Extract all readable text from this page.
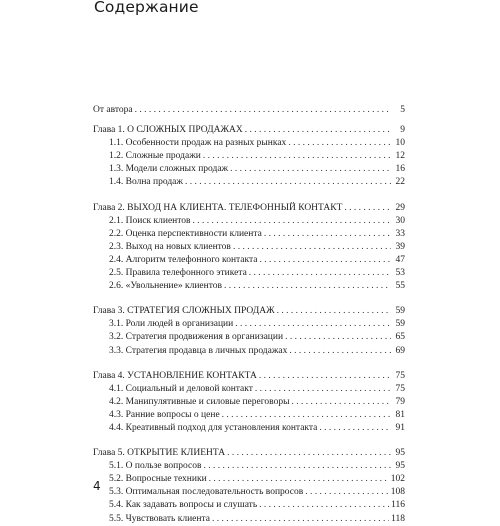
Содержание
От автора . . .	5
Глава 1. О СЛОЖНЫХ ПРОДАЖАХ . . .	9
1.1. Особенности продаж на разных рынках . . .	10
1.2. Сложные продажи . . .	12
1.3. Модели сложных продаж . . .	16
1.4. Волна продаж . . .	22
Глава 2. ВЫХОД НА КЛИЕНТА. ТЕЛЕФОННЫЙ КОНТАКТ . . .	29
2.1. Поиск клиентов . . .	30
2.2. Оценка перспективности клиента . . .	33
2.3. Выход на новых клиентов . . .	39
2.4. Алгоритм телефонного контакта . . .	47
2.5. Правила телефонного этикета . . .	53
2.6. «Увольнение» клиентов . . .	55
Глава 3. СТРАТЕГИЯ СЛОЖНЫХ ПРОДАЖ . . .	59
3.1. Роли людей в организации . . .	59
3.2. Стратегия продвижения в организации . . .	65
3.3. Стратегия продавца в личных продажах . . .	69
Глава 4. УСТАНОВЛЕНИЕ КОНТАКТА . . .	75
4.1. Социальный и деловой контакт . . .	75
4.2. Манипулятивные и силовые переговоры . . .	79
4.3. Ранние вопросы о цене . . .	81
4.4. Креативный подход для установления контакта . . .	91
Глава 5. ОТКРЫТИЕ КЛИЕНТА . . .	95
5.1. О пользе вопросов . . .	95
5.2. Вопросные техники . . .	102
5.3. Оптимальная последовательность вопросов . . .	108
5.4. Как задавать вопросы и слушать . . .	116
5.5. Чувствовать клиента . . .	118
4
